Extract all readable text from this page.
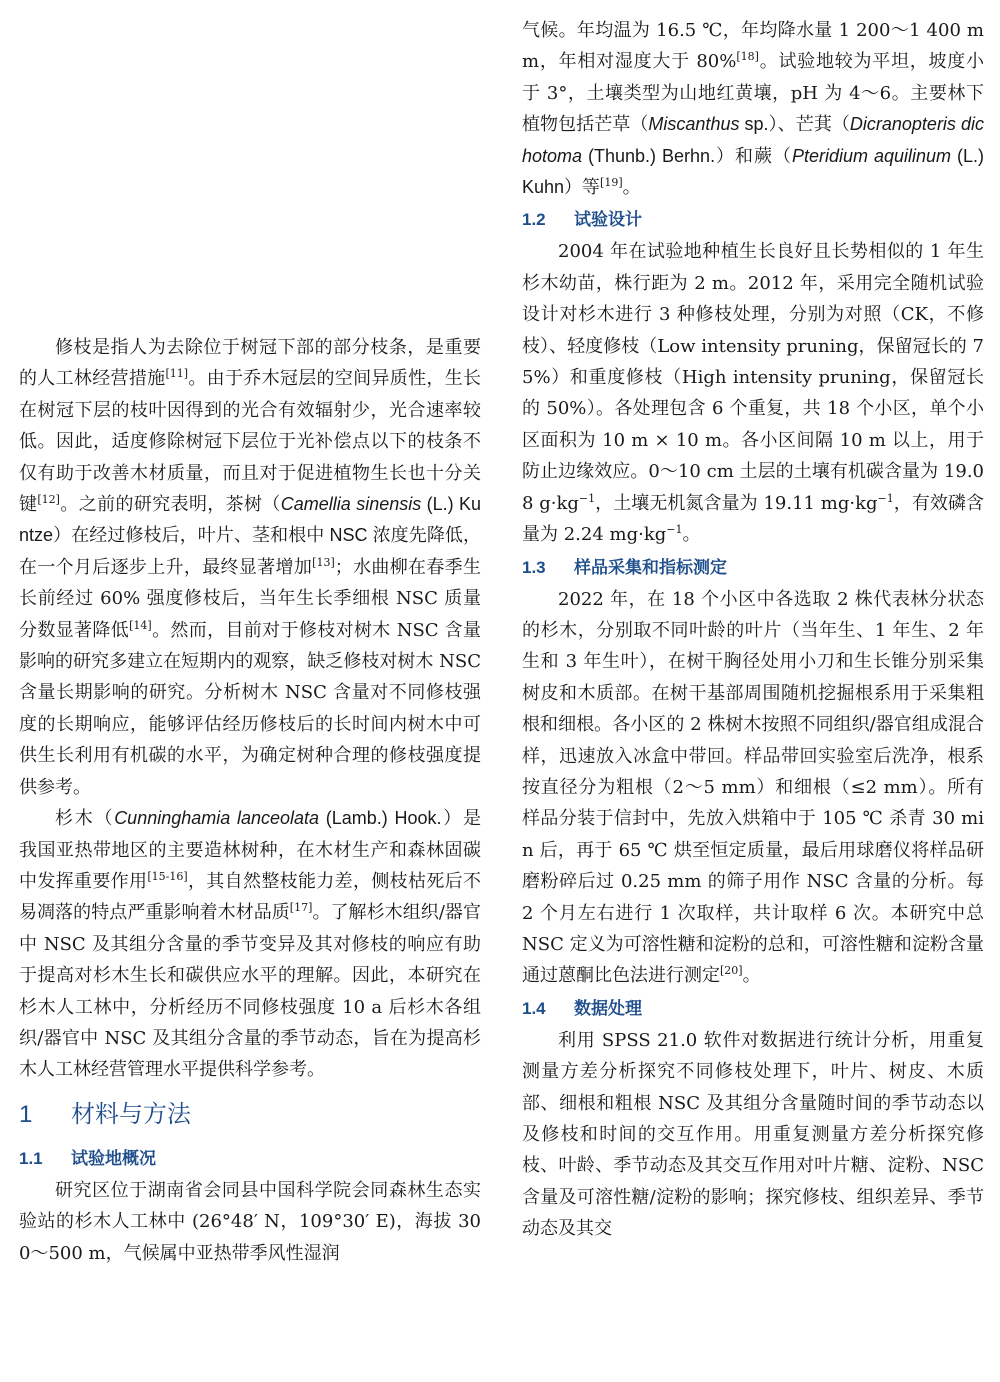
修枝是指人为去除位于树冠下部的部分枝条，是重要的人工林经营措施[11]。由于乔木冠层的空间异质性，生长在树冠下层的枝叶因得到的光合有效辐射少，光合速率较低。因此，适度修除树冠下层位于光补偿点以下的枝条不仅有助于改善木材质量，而且对于促进植物生长也十分关键[12]。之前的研究表明，茶树（Camellia sinensis (L.) Kuntze）在经过修枝后，叶片、茎和根中 NSC 浓度先降低，在一个月后逐步上升，最终显著增加[13]；水曲柳在春季生长前经过 60% 强度修枝后，当年生长季细根 NSC 质量分数显著降低[14]。然而，目前对于修枝对树木 NSC 含量影响的研究多建立在短期内的观察，缺乏修枝对树木 NSC 含量长期影响的研究。分析树木 NSC 含量对不同修枝强度的长期响应，能够评估经历修枝后的长时间内树木中可供生长利用有机碳的水平，为确定树种合理的修枝强度提供参考。

杉木（Cunninghamia lanceolata (Lamb.) Hook.）是我国亚热带地区的主要造林树种，在木材生产和森林固碳中发挥重要作用[15-16]，其自然整枝能力差，侧枝枯死后不易凋落的特点严重影响着木材品质[17]。了解杉木组织/器官中 NSC 及其组分含量的季节变异及其对修枝的响应有助于提高对杉木生长和碳供应水平的理解。因此，本研究在杉木人工林中，分析经历不同修枝强度 10 a 后杉木各组织/器官中 NSC 及其组分含量的季节动态，旨在为提高杉木人工林经营管理水平提供科学参考。

1 材料与方法
1.1 试验地概况

研究区位于湖南省会同县中国科学院会同森林生态实验站的杉木人工林中 (26°48′ N，109°30′ E)，海拔 300～500 m，气候属中亚热带季风性湿润

气候。年均温为 16.5 ℃，年均降水量 1 200～1 400 mm，年相对湿度大于 80%[18]。试验地较为平坦，坡度小于 3°，土壤类型为山地红黄壤，pH 为 4～6。主要林下植物包括芒草（Miscanthus sp.）、芒萁（Dicranopteris dichotoma (Thunb.) Berhn.）和蕨（Pteridium aquilinum (L.) Kuhn）等[19]。

1.2 试验设计

2004 年在试验地种植生长良好且长势相似的 1 年生杉木幼苗，株行距为 2 m。2012 年，采用完全随机试验设计对杉木进行 3 种修枝处理，分别为对照（CK，不修枝）、轻度修枝（Low intensity pruning，保留冠长的 75%）和重度修枝（High intensity pruning，保留冠长的 50%）。各处理包含 6 个重复，共 18 个小区，单个小区面积为 10 m × 10 m。各小区间隔 10 m 以上，用于防止边缘效应。0～10 cm 土层的土壤有机碳含量为 19.08 $g\cdot kg^{-1}$，土壤无机氮含量为 19.11 $mg\cdot kg^{-1}$，有效磷含量为 2.24 $mg\cdot kg^{-1}$。

1.3 样品采集和指标测定

2022 年，在 18 个小区中各选取 2 株代表林分状态的杉木，分别取不同叶龄的叶片（当年生、1 年生、2 年生和 3 年生叶），在树干胸径处用小刀和生长锥分别采集树皮和木质部。在树干基部周围随机挖掘根系用于采集粗根和细根。各小区的 2 株树木按照不同组织/器官组成混合样，迅速放入冰盒中带回。样品带回实验室后洗净，根系按直径分为粗根（2～5 mm）和细根（≤2 mm）。所有样品分装于信封中，先放入烘箱中于 105 ℃ 杀青 30 min 后，再于 65 ℃ 烘至恒定质量，最后用球磨仪将样品研磨粉碎后过 0.25 mm 的筛子用作 NSC 含量的分析。每 2 个月左右进行 1 次取样，共计取样 6 次。本研究中总 NSC 定义为可溶性糖和淀粉的总和，可溶性糖和淀粉含量通过蒽酮比色法进行测定[20]。

1.4 数据处理

利用 SPSS 21.0 软件对数据进行统计分析，用重复测量方差分析探究不同修枝处理下，叶片、树皮、木质部、细根和粗根 NSC 及其组分含量随时间的季节动态以及修枝和时间的交互作用。用重复测量方差分析探究修枝、叶龄、季节动态及其交互作用对叶片糖、淀粉、NSC 含量及可溶性糖/淀粉的影响；探究修枝、组织差异、季节动态及其交
